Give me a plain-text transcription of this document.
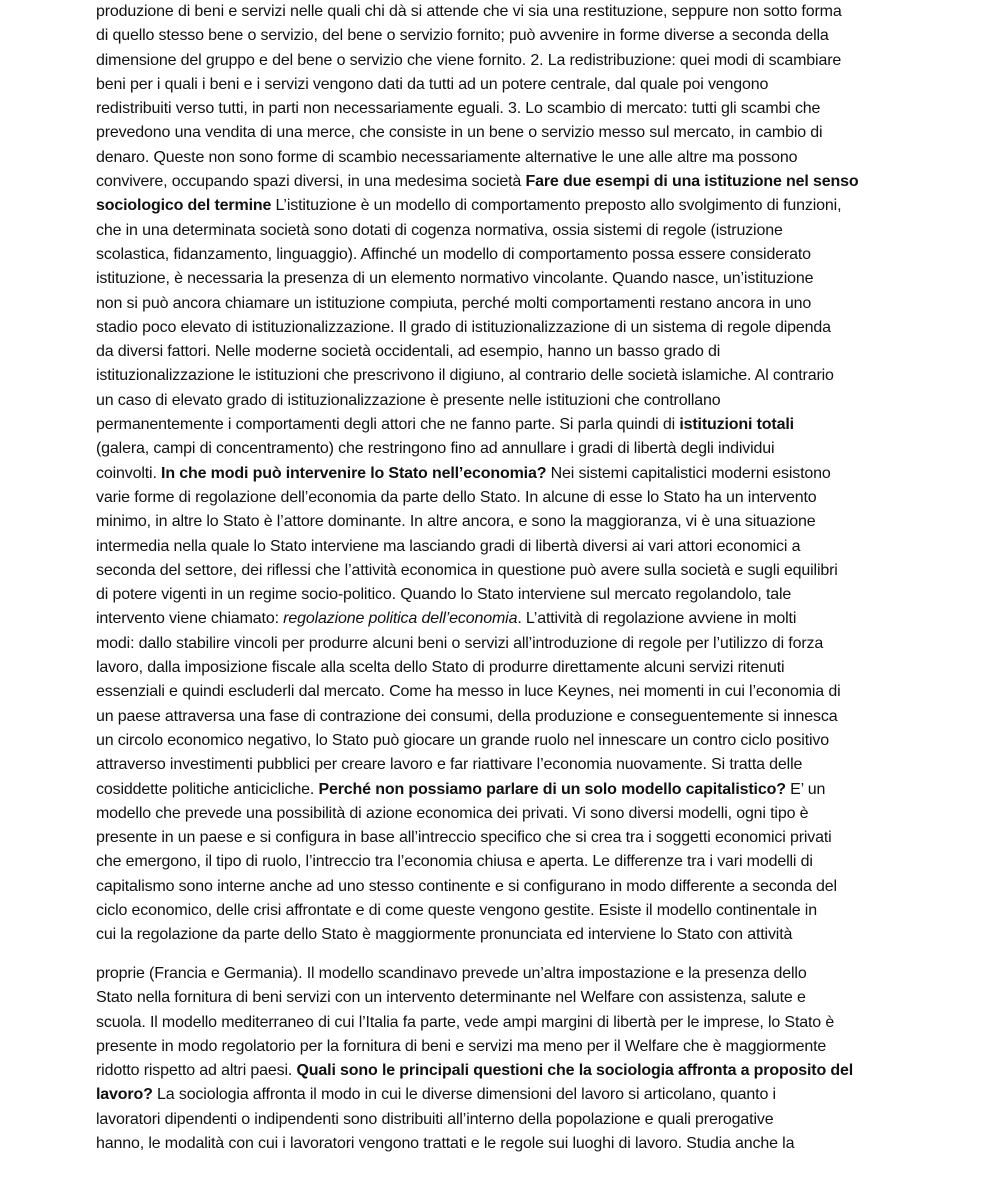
produzione di beni e servizi nelle quali chi dà si attende che vi sia una restituzione, seppure non sotto forma
di quello stesso bene o servizio, del bene o servizio fornito; può avvenire in forme diverse a seconda della
dimensione del gruppo e del bene o servizio che viene fornito. 2. La redistribuzione: quei modi di scambiare
beni per i quali i beni e i servizi vengono dati da tutti ad un potere centrale, dal quale poi vengono
redistribuiti verso tutti, in parti non necessariamente eguali. 3. Lo scambio di mercato: tutti gli scambi che
prevedono una vendita di una merce, che consiste in un bene o servizio messo sul mercato, in cambio di
denaro. Queste non sono forme di scambio necessariamente alternative le une alle altre ma possono
convivere, occupando spazi diversi, in una medesima società Fare due esempi di una istituzione nel senso
sociologico del termine L’istituzione è un modello di comportamento preposto allo svolgimento di funzioni,
che in una determinata società sono dotati di cogenza normativa, ossia sistemi di regole (istruzione
scolastica, fidanzamento, linguaggio). Affinché un modello di comportamento possa essere considerato
istituzione, è necessaria la presenza di un elemento normativo vincolante. Quando nasce, un’istituzione
non si può ancora chiamare un istituzione compiuta, perché molti comportamenti restano ancora in uno
stadio poco elevato di istituzionalizzazione. Il grado di istituzionalizzazione di un sistema di regole dipenda
da diversi fattori. Nelle moderne società occidentali, ad esempio, hanno un basso grado di
istituzionalizzazione le istituzioni che prescrivono il digiuno, al contrario delle società islamiche. Al contrario
un caso di elevato grado di istituzionalizzazione è presente nelle istituzioni che controllano
permanentemente i comportamenti degli attori che ne fanno parte. Si parla quindi di istituzioni totali
(galera, campi di concentramento) che restringono fino ad annullare i gradi di libertà degli individui
coinvolti. In che modi può intervenire lo Stato nell’economia? Nei sistemi capitalistici moderni esistono
varie forme di regolazione dell’economia da parte dello Stato. In alcune di esse lo Stato ha un intervento
minimo, in altre lo Stato è l’attore dominante. In altre ancora, e sono la maggioranza, vi è una situazione
intermedia nella quale lo Stato interviene ma lasciando gradi di libertà diversi ai vari attori economici a
seconda del settore, dei riflessi che l’attività economica in questione può avere sulla società e sugli equilibri
di potere vigenti in un regime socio-politico. Quando lo Stato interviene sul mercato regolandolo, tale
intervento viene chiamato: regolazione politica dell’economia. L’attività di regolazione avviene in molti
modi: dallo stabilire vincoli per produrre alcuni beni o servizi all’introduzione di regole per l’utilizzo di forza
lavoro, dalla imposizione fiscale alla scelta dello Stato di produrre direttamente alcuni servizi ritenuti
essenziali e quindi escluderli dal mercato. Come ha messo in luce Keynes, nei momenti in cui l’economia di
un paese attraversa una fase di contrazione dei consumi, della produzione e conseguentemente si innesca
un circolo economico negativo, lo Stato può giocare un grande ruolo nel innescare un contro ciclo positivo
attraverso investimenti pubblici per creare lavoro e far riattivare l’economia nuovamente. Si tratta delle
cosiddette politiche anticicliche. Perché non possiamo parlare di un solo modello capitalistico? E’ un
modello che prevede una possibilità di azione economica dei privati. Vi sono diversi modelli, ogni tipo è
presente in un paese e si configura in base all’intreccio specifico che si crea tra i soggetti economici privati
che emergono, il tipo di ruolo, l’intreccio tra l’economia chiusa e aperta. Le differenze tra i vari modelli di
capitalismo sono interne anche ad uno stesso continente e si configurano in modo differente a seconda del
ciclo economico, delle crisi affrontate e di come queste vengono gestite. Esiste il modello continentale in
cui la regolazione da parte dello Stato è maggiormente pronunciata ed interviene lo Stato con attività
proprie (Francia e Germania). Il modello scandinavo prevede un’altra impostazione e la presenza dello
Stato nella fornitura di beni servizi con un intervento determinante nel Welfare con assistenza, salute e
scuola. Il modello mediterraneo di cui l’Italia fa parte, vede ampi margini di libertà per le imprese, lo Stato è
presente in modo regolatorio per la fornitura di beni e servizi ma meno per il Welfare che è maggiormente
ridotto rispetto ad altri paesi. Quali sono le principali questioni che la sociologia affronta a proposito del
lavoro? La sociologia affronta il modo in cui le diverse dimensioni del lavoro si articolano, quanto i
lavoratori dipendenti o indipendenti sono distribuiti all’interno della popolazione e quali prerogative
hanno, le modalità con cui i lavoratori vengono trattati e le regole sui luoghi di lavoro. Studia anche la
